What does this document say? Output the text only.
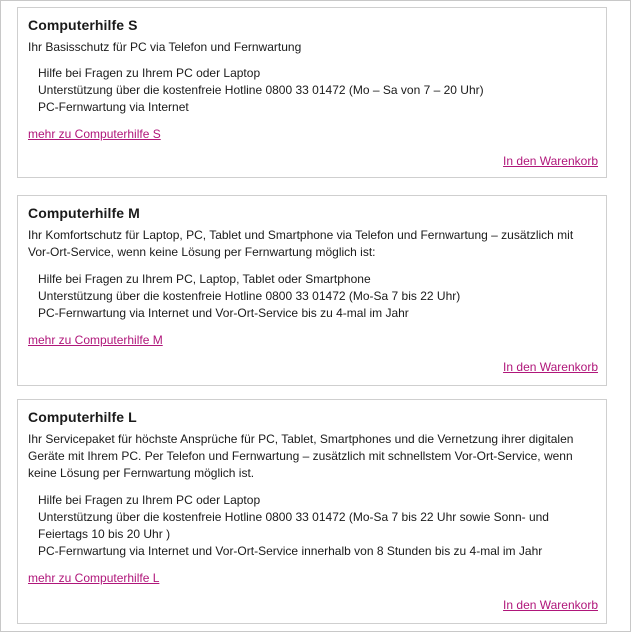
Computerhilfe S
Ihr Basisschutz für PC via Telefon und Fernwartung
Hilfe bei Fragen zu Ihrem PC oder Laptop
Unterstützung über die kostenfreie Hotline 0800 33 01472 (Mo – Sa von 7 – 20 Uhr)
PC-Fernwartung via Internet
mehr zu Computerhilfe S
In den Warenkorb
Computerhilfe M
Ihr Komfortschutz für Laptop, PC, Tablet und Smartphone via Telefon und Fernwartung – zusätzlich mit Vor-Ort-Service, wenn keine Lösung per Fernwartung möglich ist:
Hilfe bei Fragen zu Ihrem PC, Laptop, Tablet oder Smartphone
Unterstützung über die kostenfreie Hotline 0800 33 01472 (Mo-Sa 7 bis 22 Uhr)
PC-Fernwartung via Internet und Vor-Ort-Service bis zu 4-mal im Jahr
mehr zu Computerhilfe M
In den Warenkorb
Computerhilfe L
Ihr Servicepaket für höchste Ansprüche für PC, Tablet, Smartphones und die Vernetzung ihrer digitalen Geräte mit Ihrem PC. Per Telefon und Fernwartung – zusätzlich mit schnellstem Vor-Ort-Service, wenn keine Lösung per Fernwartung möglich ist.
Hilfe bei Fragen zu Ihrem PC oder Laptop
Unterstützung über die kostenfreie Hotline 0800 33 01472 (Mo-Sa 7 bis 22 Uhr sowie Sonn- und Feiertags 10 bis 20 Uhr )
PC-Fernwartung via Internet und Vor-Ort-Service innerhalb von 8 Stunden bis zu 4-mal im Jahr
mehr zu Computerhilfe L
In den Warenkorb
